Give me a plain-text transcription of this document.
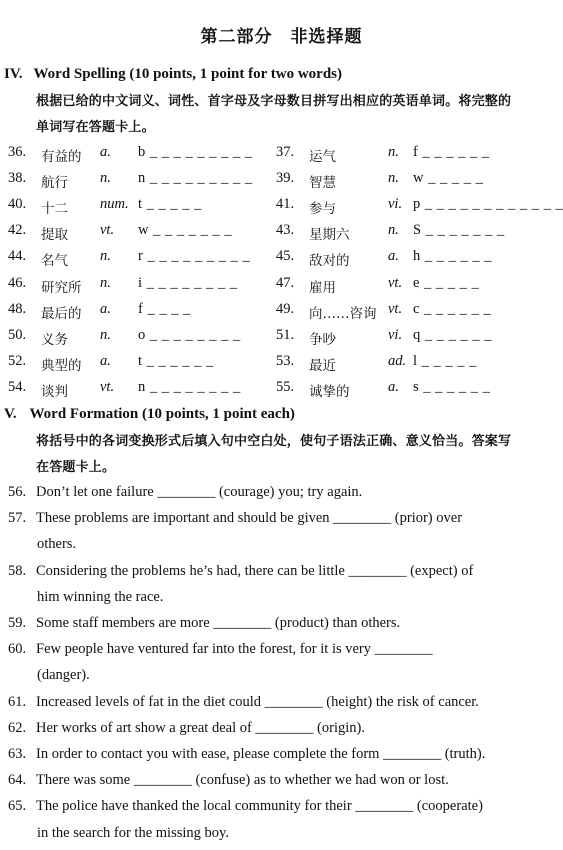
第二部分　非选择题
IV. Word Spelling (10 points, 1 point for two words)
根据已给的中文词义、词性、首字母及字母数目拼写出相应的英语单词。将完整的
单词写在答题卡上。
36. 有益的 a. b _ _ _ _ _ _ _ _ _ 37. 运气	n. f _ _ _ _ _ _
38. 航行 n. n _ _ _ _ _ _ _ _ _ 39. 智慧	n. w _ _ _ _ _
40. 十二 num. t _ _ _ _ _	41. 参与	vi. p _ _ _ _ _ _ _ _ _ _ _ _
42. 提取 vt. w _ _ _ _ _ _ _	43. 星期六	n. S _ _ _ _ _ _ _
44. 名气 n. r _ _ _ _ _ _ _ _ _ 45. 敌对的	a. h _ _ _ _ _ _
46. 研究所 n. i _ _ _ _ _ _ _ _	47. 雇用	vt. e _ _ _ _ _
48. 最后的 a. f _ _ _ _	49. 向……咨询 vt. c _ _ _ _ _ _
50. 义务 n. o _ _ _ _ _ _ _ _ 51. 争吵	vi. q _ _ _ _ _ _
52. 典型的 a. t _ _ _ _ _ _	53. 最近	ad. l _ _ _ _ _
54. 谈判 vt. n _ _ _ _ _ _ _ _ 55. 诚挚的	a. s _ _ _ _ _ _
V. Word Formation (10 points, 1 point each)
将括号中的各词变换形式后填入句中空白处，使句子语法正确、意义恰当。答案写
在答题卡上。
56. Don’t let one failure ________ (courage) you; try again.
57. These problems are important and should be given ________ (prior) over
others.
58. Considering the problems he’s had, there can be little ________ (expect) of
him winning the race.
59. Some staff members are more ________ (product) than others.
60. Few people have ventured far into the forest, for it is very ________
(danger).
61. Increased levels of fat in the diet could ________ (height) the risk of cancer.
62. Her works of art show a great deal of ________ (origin).
63. In order to contact you with ease, please complete the form ________ (truth).
64. There was some ________ (confuse) as to whether we had won or lost.
65. The police have thanked the local community for their ________ (cooperate)
in the search for the missing boy.
